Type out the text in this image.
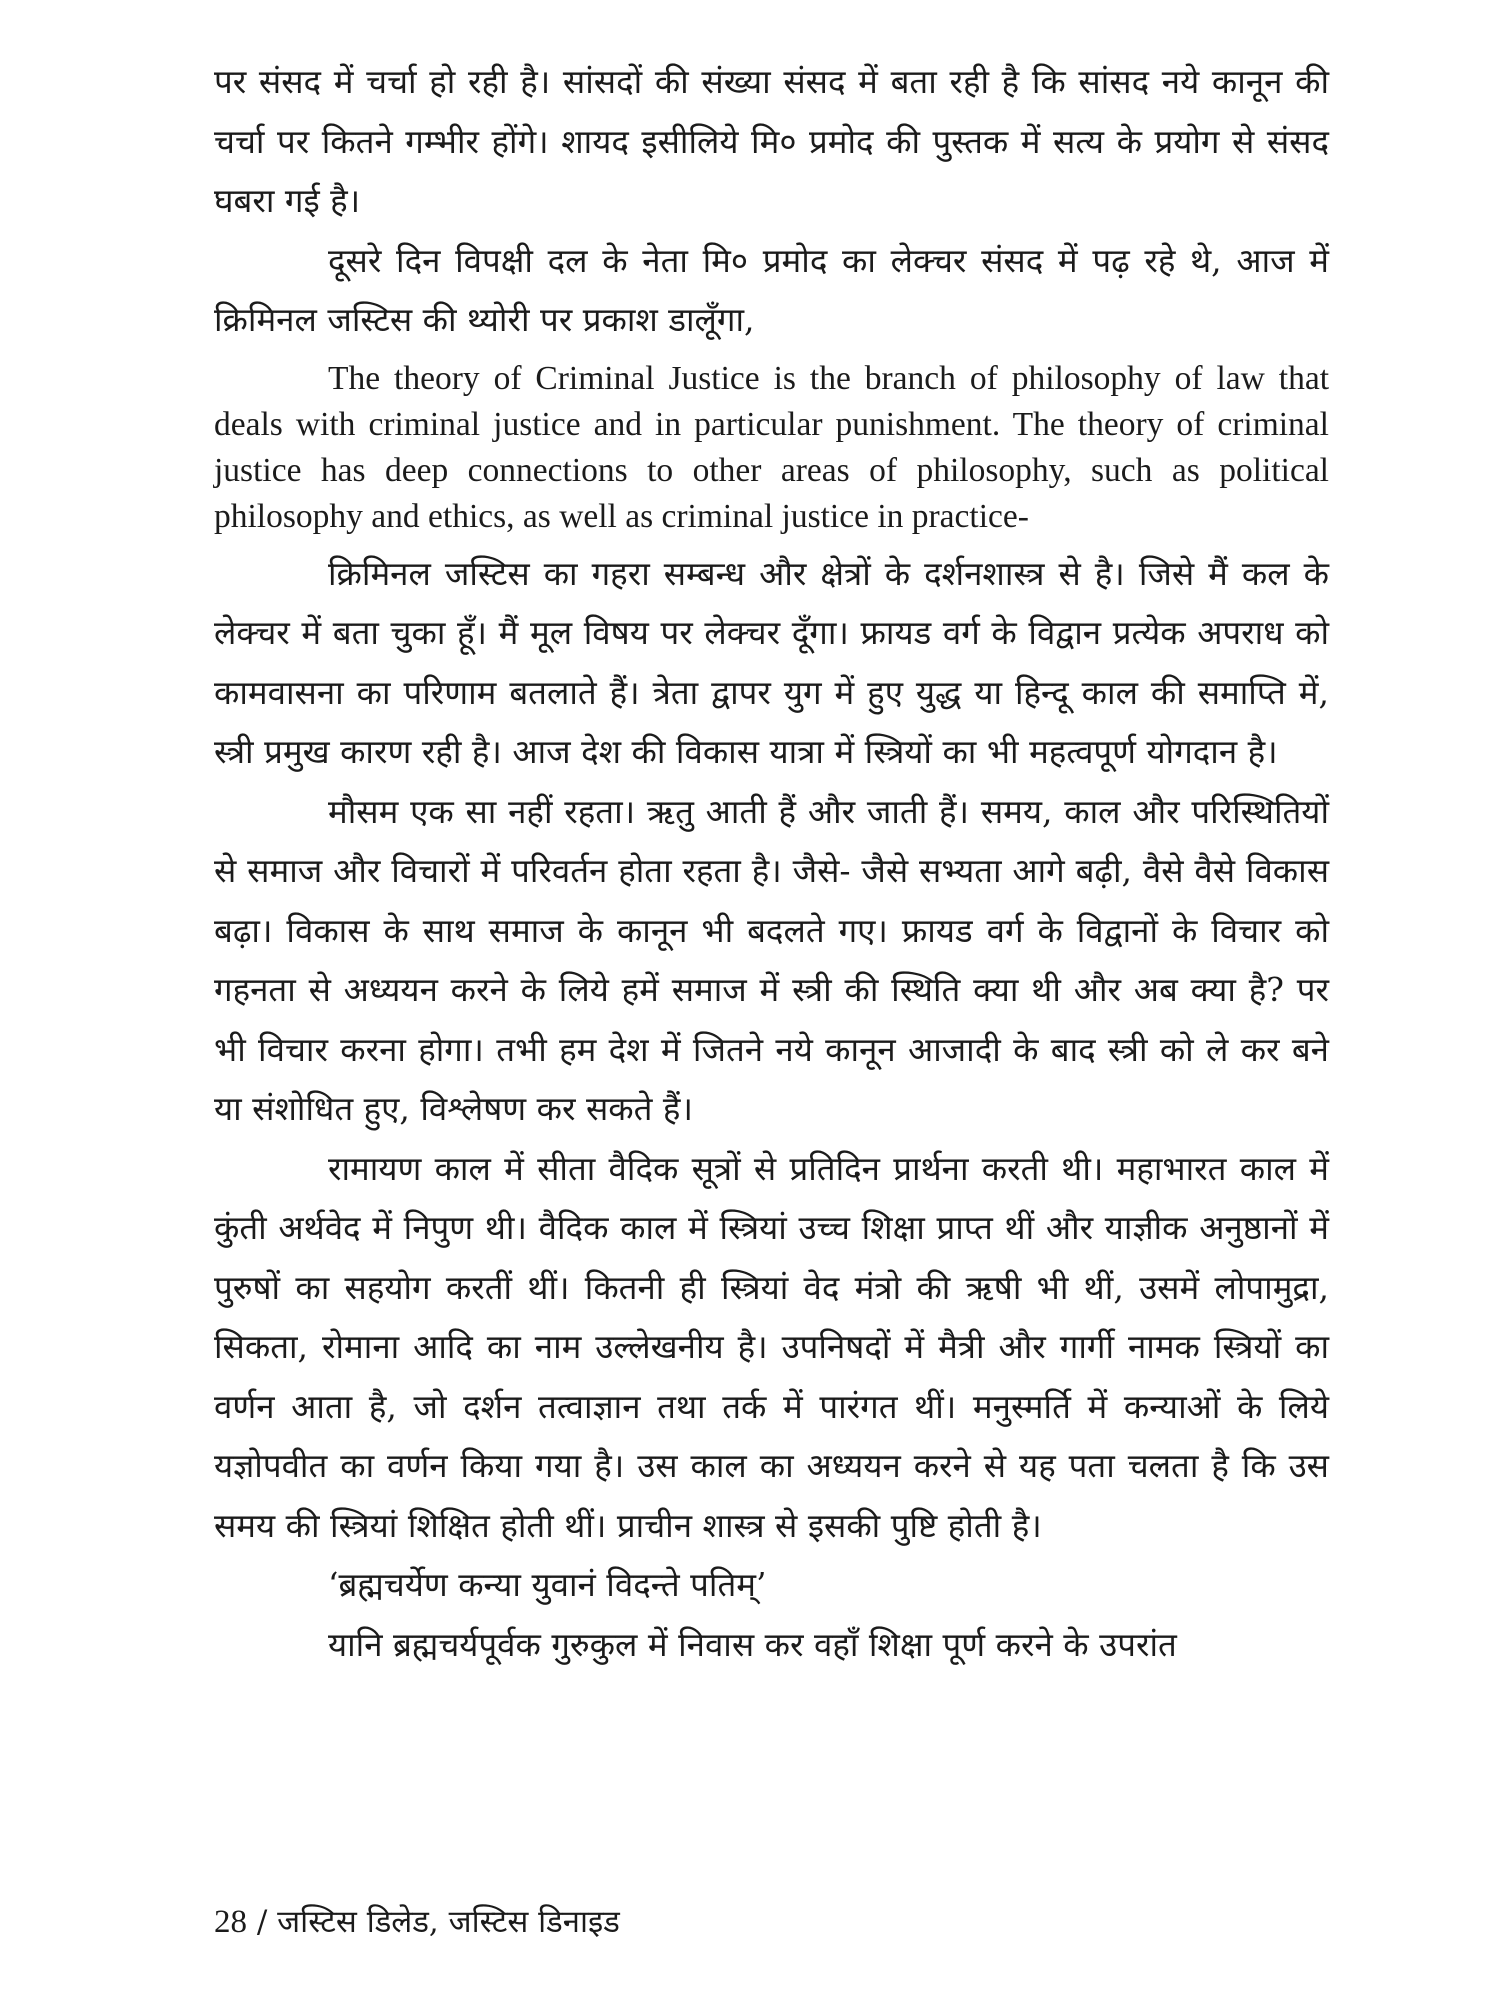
पर संसद में चर्चा हो रही है। सांसदों की संख्या संसद में बता रही है कि सांसद नये कानून की चर्चा पर कितने गम्भीर होंगे। शायद इसीलिये मि० प्रमोद की पुस्तक में सत्य के प्रयोग से संसद घबरा गई है।

दूसरे दिन विपक्षी दल के नेता मि० प्रमोद का लेक्चर संसद में पढ़ रहे थे, आज में क्रिमिनल जस्टिस की थ्योरी पर प्रकाश डालूँगा,

The theory of Criminal Justice is the branch of philosophy of law that deals with criminal justice and in particular punishment. The theory of criminal justice has deep connections to other areas of philosophy, such as political philosophy and ethics, as well as criminal justice in practice-

क्रिमिनल जस्टिस का गहरा सम्बन्ध और क्षेत्रों के दर्शनशास्त्र से है। जिसे मैं कल के लेक्चर में बता चुका हूँ। मैं मूल विषय पर लेक्चर दूँगा। फ्रायड वर्ग के विद्वान प्रत्येक अपराध को कामवासना का परिणाम बतलाते हैं। त्रेता द्वापर युग में हुए युद्ध या हिन्दू काल की समाप्ति में, स्त्री प्रमुख कारण रही है। आज देश की विकास यात्रा में स्त्रियों का भी महत्वपूर्ण योगदान है।

मौसम एक सा नहीं रहता। ऋतु आती हैं और जाती हैं। समय, काल और परिस्थितियों से समाज और विचारों में परिवर्तन होता रहता है। जैसे- जैसे सभ्यता आगे बढ़ी, वैसे वैसे विकास बढ़ा। विकास के साथ समाज के कानून भी बदलते गए। फ्रायड वर्ग के विद्वानों के विचार को गहनता से अध्ययन करने के लिये हमें समाज में स्त्री की स्थिति क्या थी और अब क्या है? पर भी विचार करना होगा। तभी हम देश में जितने नये कानून आजादी के बाद स्त्री को ले कर बने या संशोधित हुए, विश्लेषण कर सकते हैं।

रामायण काल में सीता वैदिक सूत्रों से प्रतिदिन प्रार्थना करती थी। महाभारत काल में कुंती अर्थवेद में निपुण थी। वैदिक काल में स्त्रियां उच्च शिक्षा प्राप्त थीं और याज्ञीक अनुष्ठानों में पुरुषों का सहयोग करतीं थीं। कितनी ही स्त्रियां वेद मंत्रो की ऋषी भी थीं, उसमें लोपामुद्रा, सिकता, रोमाना आदि का नाम उल्लेखनीय है। उपनिषदों में मैत्री और गार्गी नामक स्त्रियों का वर्णन आता है, जो दर्शन तत्वाज्ञान तथा तर्क में पारंगत थीं। मनुस्मर्ति में कन्याओं के लिये यज्ञोपवीत का वर्णन किया गया है। उस काल का अध्ययन करने से यह पता चलता है कि उस समय की स्त्रियां शिक्षित होती थीं। प्राचीन शास्त्र से इसकी पुष्टि होती है।

‘ब्रह्मचर्येण कन्या युवानं विदन्ते पतिम्’

यानि ब्रह्मचर्यपूर्वक गुरुकुल में निवास कर वहाँ शिक्षा पूर्ण करने के उपरांत

28 / जस्टिस डिलेड, जस्टिस डिनाइड
